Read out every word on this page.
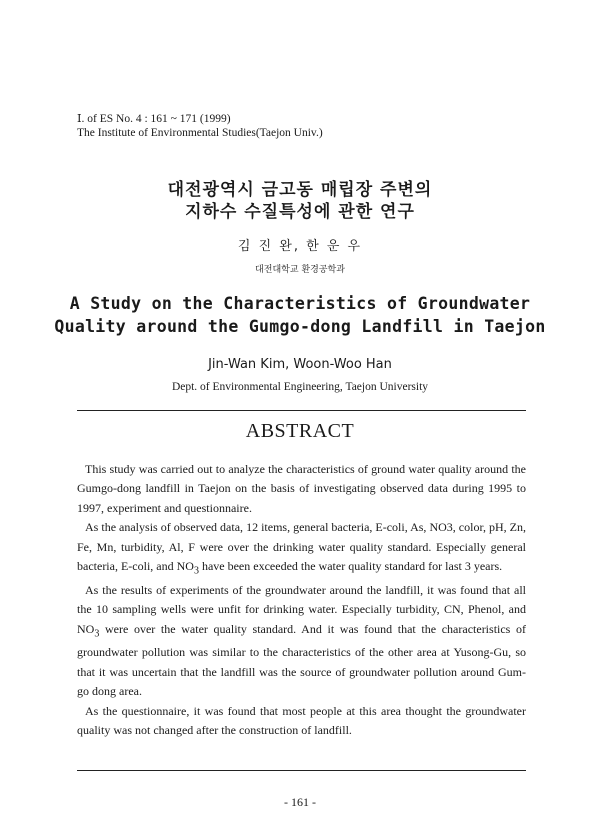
Ⅰ. of ES No. 4 : 161 ~ 171 (1999)
The Institute of Environmental Studies(Taejon Univ.)
대전광역시 금고동 매립장 주변의
지하수 수질특성에 관한 연구
김 진 완, 한 운 우
대전대학교 환경공학과
A Study on the Characteristics of Groundwater
Quality around the Gumgo-dong Landfill in Taejon
Jin-Wan Kim, Woon-Woo Han
Dept. of Environmental Engineering, Taejon University
ABSTRACT

This study was carried out to analyze the characteristics of ground water quality around the Gumgo-dong landfill in Taejon on the basis of investigating observed data during 1995 to 1997, experiment and questionnaire.

As the analysis of observed data, 12 items, general bacteria, E-coli, As, NO3, color, pH, Zn, Fe, Mn, turbidity, Al, F were over the drinking water quality standard. Especially general bacteria, E-coli, and $NO_3$ have been exceeded the water quality standard for last 3 years.

As the results of experiments of the groundwater around the landfill, it was found that all the 10 sampling wells were unfit for drinking water. Especially turbidity, CN, Phenol, and $NO_3$ were over the water quality standard. And it was found that the characteristics of groundwater pollution was similar to the characteristics of the other area at Yusong-Gu, so that it was uncertain that the landfill was the source of groundwater pollution around Gum-go dong area.

As the questionnaire, it was found that most people at this area thought the groundwater quality was not changed after the construction of landfill.

- 161 -
